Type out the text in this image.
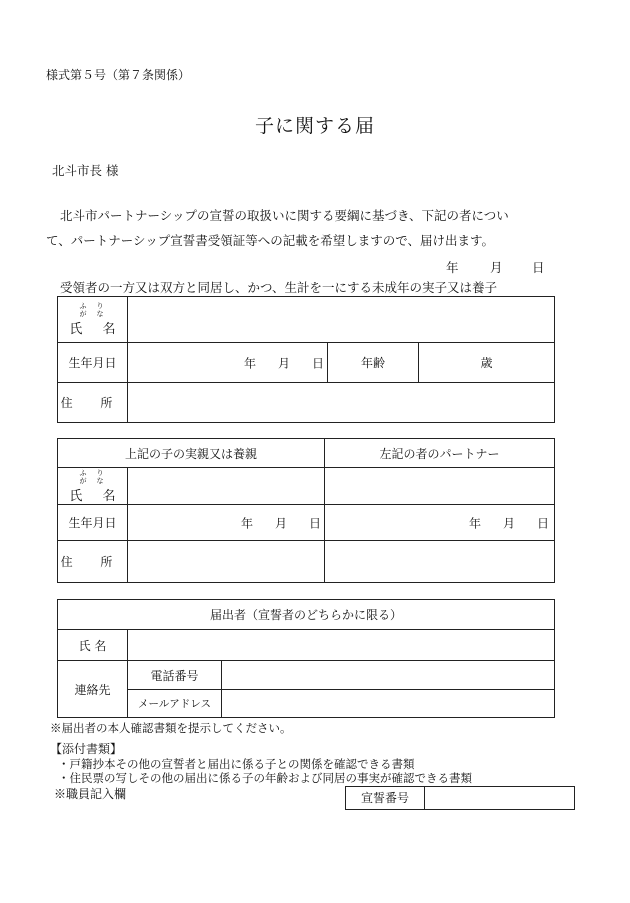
様式第５号（第７条関係）
子に関する届
北斗市長 様
北斗市パートナーシップの宣誓の取扱いに関する要綱に基づき、下記の者につい
て、パートナーシップ宣誓書受領証等への記載を希望しますので、届け出ます。
年	月 日
受領者の一方又は双方と同居し、かつ、生計を一にする未成年の実子又は養子
ふり　がな
氏 名			

生年月日	年 月 日	年齢	歳
住 所			
上記の子の実親又は養親		左記の者のパートナー

ふり　がな
氏 名		

生年月日	年 月 日	年 月 日

住 所		
届出者（宣誓者のどちらかに限る）		
氏 名		
連絡先	電話番号	
	メールアドレス	
※届出者の本人確認書類を提示してください。
【添付書類】
・戸籍抄本その他の宣誓者と届出に係る子との関係を確認できる書類
・住民票の写しその他の届出に係る子の年齢および同居の事実が確認できる書類
※職員記入欄	宣誓番号
